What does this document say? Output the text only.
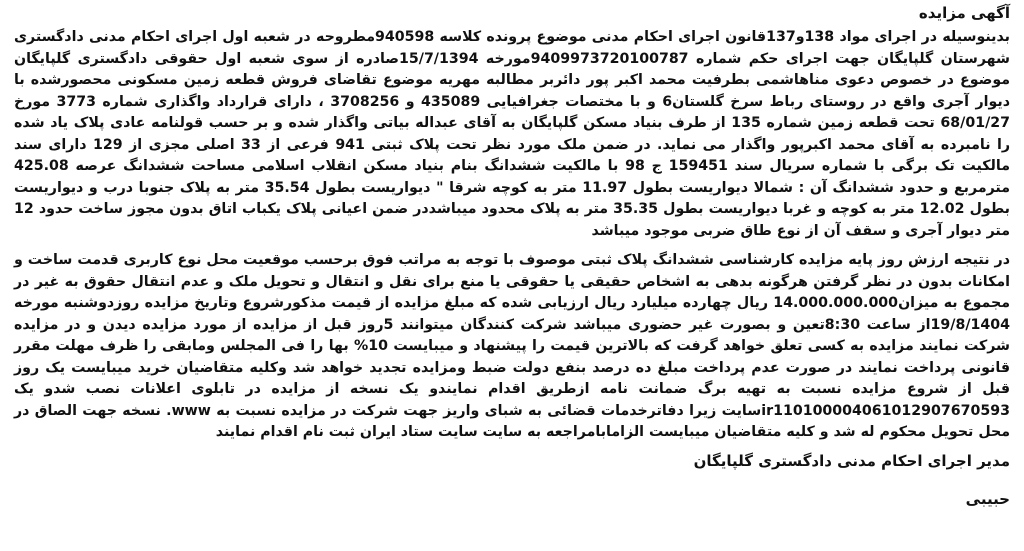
آگهی مزایده

بدینوسیله در اجرای مواد 138و137قانون اجرای احکام مدنی موضوع پرونده کلاسه 940598مطروحه در شعبه اول اجرای احکام مدنی دادگستری شهرستان گلپایگان جهت اجرای حکم شماره 9409973720100787مورخه 15/7/1394صادره از سوی شعبه اول حقوقی دادگستری گلپایگان موضوع در خصوص دعوی مناهاشمی بطرفیت محمد اکبر پور دائربر مطالبه مهریه موضوع تقاضای فروش قطعه زمین مسکونی محصورشده با دیوار آجری واقع در روستای رباط سرخ گلستان6 و با مختصات جغرافیایی 435089 و 3708256 ، دارای قرارداد واگذاری شماره 3773 مورخ 68/01/27 تحت قطعه زمین شماره 135 از طرف بنیاد مسکن گلپایگان به آقای عبداله بیاتی واگذار شده و بر حسب قولنامه عادی پلاک یاد شده را نامبرده به آقای محمد اکبرپور واگذار می نماید. در ضمن ملک مورد نظر تحت پلاک ثبتی 941 فرعی از 33 اصلی مجزی از 129 دارای سند مالکیت تک برگی با شماره سریال سند 159451 ج 98 با مالکیت ششدانگ بنام بنیاد مسکن انقلاب اسلامی مساحت ششدانگ عرصه 425.08 مترمربع و حدود ششدانگ آن : شمالا دیواریست بطول 11.97 متر به کوچه شرقا " دیواریست بطول 35.54 متر به پلاک جنوبا درب و دیواریست بطول 12.02 متر به کوچه و غربا دیواریست بطول 35.35 متر به پلاک محدود میباشددر ضمن اعیانی پلاک یکباب اتاق بدون مجوز ساخت حدود 12 متر دیوار آجری و سقف آن از نوع طاق ضربی موجود میباشد

در نتیجه ارزش روز پایه مزایده کارشناسی ششدانگ پلاک ثبتی موصوف با توجه به مراتب فوق برحسب موقعیت محل نوع کاربری قدمت ساخت و امکانات بدون در نظر گرفتن هرگونه بدهی به اشخاص حقیقی یا حقوقی یا منع برای نقل و انتقال و تحویل ملک و عدم انتقال حقوق به غیر در مجموع به میزان14.000.000.000 ریال چهارده میلیارد ریال ارزیابی شده که مبلغ مزایده از قیمت مذکورشروع وتاریخ مزایده روزدوشنبه مورخه 19/8/1404از ساعت 8:30تعین و بصورت غیر حضوری میباشد شرکت کنندگان میتوانند 5روز قبل از مزایده از مورد مزایده دیدن و در مزایده شرکت نمایند مزایده به کسی تعلق خواهد گرفت که بالاترین قیمت را پیشنهاد و میبایست 10% بها را فی المجلس ومابقی را ظرف مهلت مقرر قانونی پرداخت نمایند در صورت عدم پرداخت مبلغ ده درصد بنفع دولت ضبط ومزایده تجدید خواهد شد وکلیه متقاضیان خرید میبایست یک روز قبل از شروع مزایده نسبت به تهیه برگ ضمانت نامه ازطریق اقدام نمایندو یک نسخه از مزایده در تابلوی اعلانات نصب شدو یک ir110100004061012907670593سایت زیرا دفاترخدمات قضائی به شبای واریز جهت شرکت در مزایده نسبت به www. نسخه جهت الصاق در محل تحویل محکوم له شد و کلیه متقاضیان میبایست الزامابامراجعه به سایت سایت ستاد ایران ثبت نام اقدام نمایند

مدیر اجرای احکام مدنی دادگستری گلپایگان
حبیبی
